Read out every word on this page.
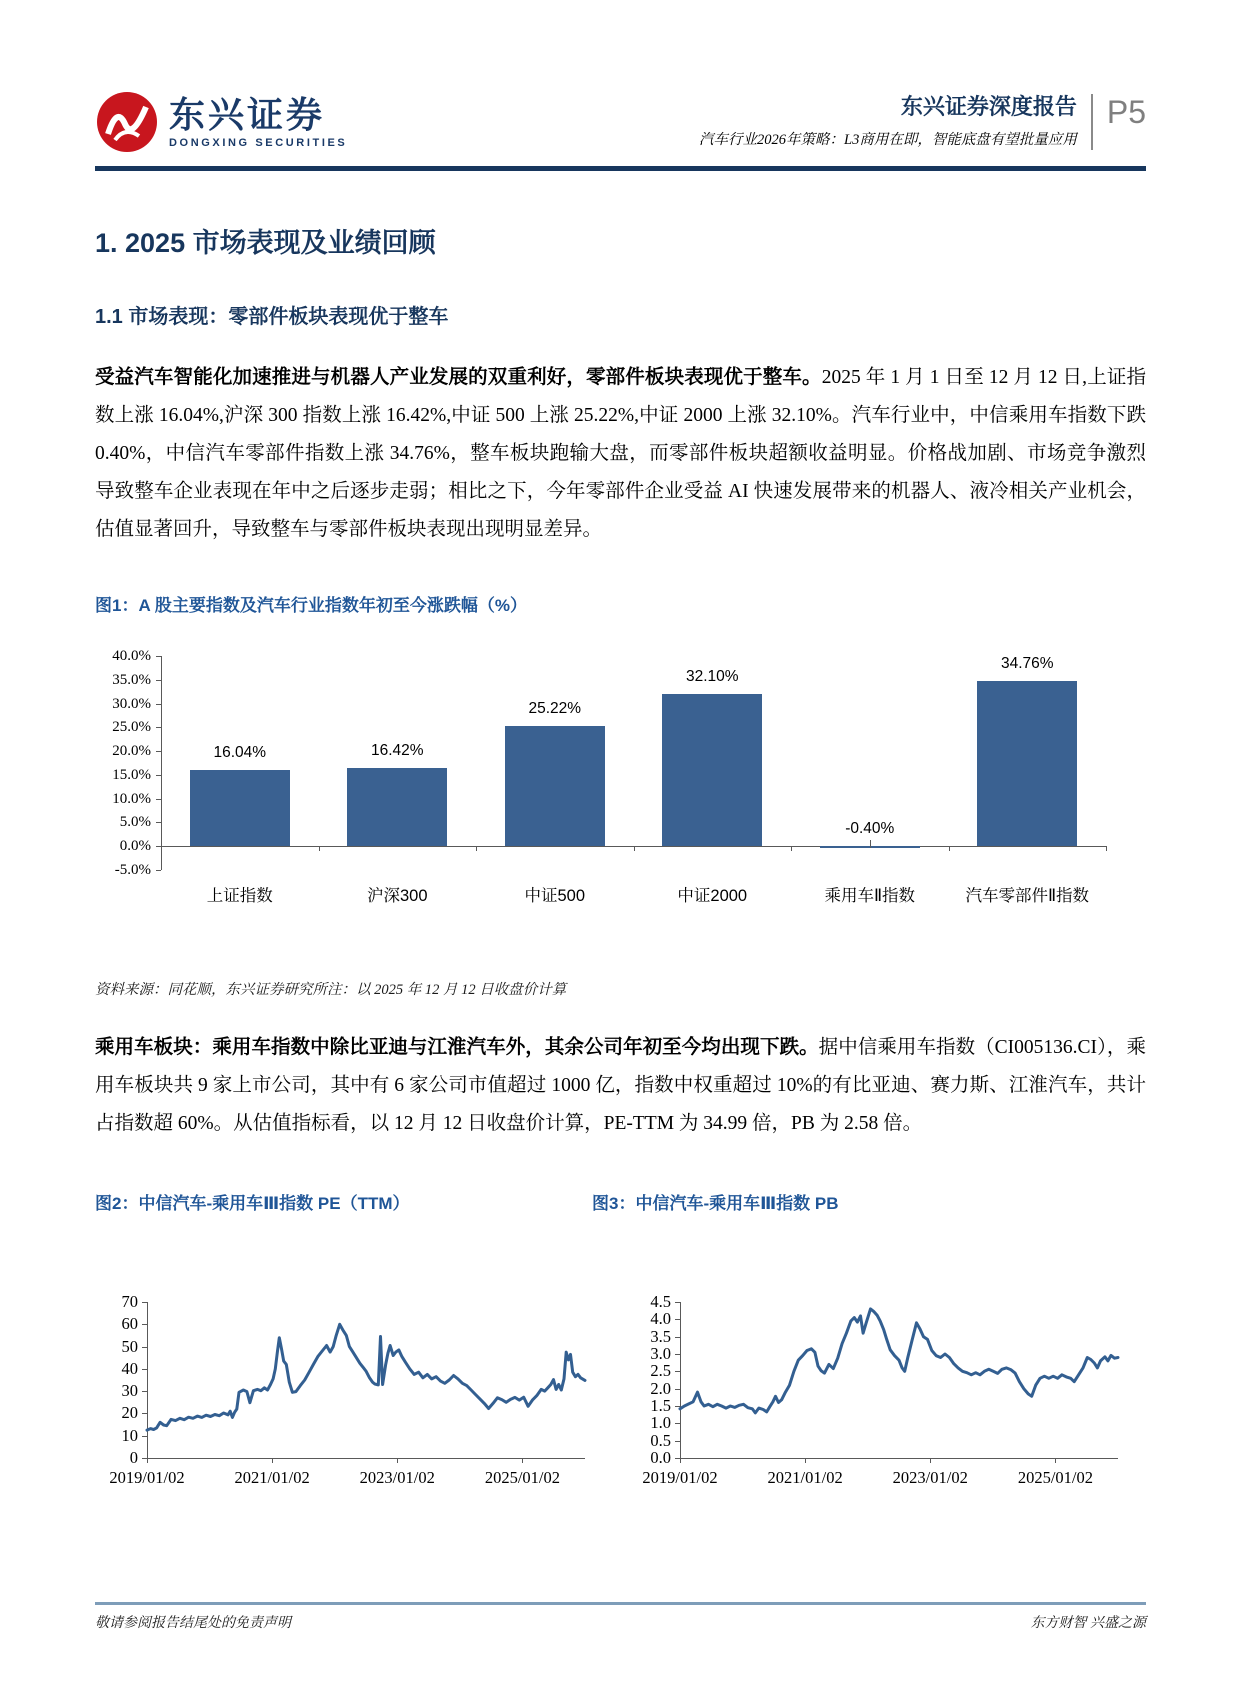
东兴证券
DONGXING SECURITIES
东兴证券深度报告
汽车行业2026年策略：L3商用在即，智能底盘有望批量应用
P5
1. 2025 市场表现及业绩回顾
1.1 市场表现：零部件板块表现优于整车

受益汽车智能化加速推进与机器人产业发展的双重利好，零部件板块表现优于整车。2025 年 1 月 1 日至 12 月 12 日,上证指数上涨 16.04%,沪深 300 指数上涨 16.42%,中证 500 上涨 25.22%,中证 2000 上涨 32.10%。汽车行业中，中信乘用车指数下跌 0.40%，中信汽车零部件指数上涨 34.76%，整车板块跑输大盘，而零部件板块超额收益明显。价格战加剧、市场竞争激烈导致整车企业表现在年中之后逐步走弱；相比之下，今年零部件企业受益 AI 快速发展带来的机器人、液冷相关产业机会，估值显著回升，导致整车与零部件板块表现出现明显差异。

图1：A 股主要指数及汽车行业指数年初至今涨跌幅（%）
40.0%
35.0%
30.0%
25.0%
20.0%
15.0%
10.0%
5.0%
0.0%
-5.0%
16.04%
上证指数
16.42%
沪深300
25.22%
中证500
32.10%
中证2000
-0.40%
乘用车Ⅱ指数
34.76%
汽车零部件Ⅱ指数
资料来源：同花顺，东兴证券研究所注：以 2025 年 12 月 12 日收盘价计算

乘用车板块：乘用车指数中除比亚迪与江淮汽车外，其余公司年初至今均出现下跌。据中信乘用车指数（CI005136.CI），乘用车板块共 9 家上市公司，其中有 6 家公司市值超过 1000 亿，指数中权重超过 10%的有比亚迪、赛力斯、江淮汽车，共计占指数超 60%。从估值指标看，以 12 月 12 日收盘价计算，PE-TTM 为 34.99 倍，PB 为 2.58 倍。

图2：中信汽车-乘用车Ⅲ指数 PE（TTM）
70
60
50
40
30
20
10
0
2019/01/02	2021/01/02	2023/01/02	2025/01/02
图3：中信汽车-乘用车Ⅲ指数 PB
4.5
4.0
3.5
3.0
2.5
2.0
1.5
1.0
0.5
0.0
2019/01/02	2021/01/02	2023/01/02	2025/01/02
敬请参阅报告结尾处的免责声明	东方财智 兴盛之源
